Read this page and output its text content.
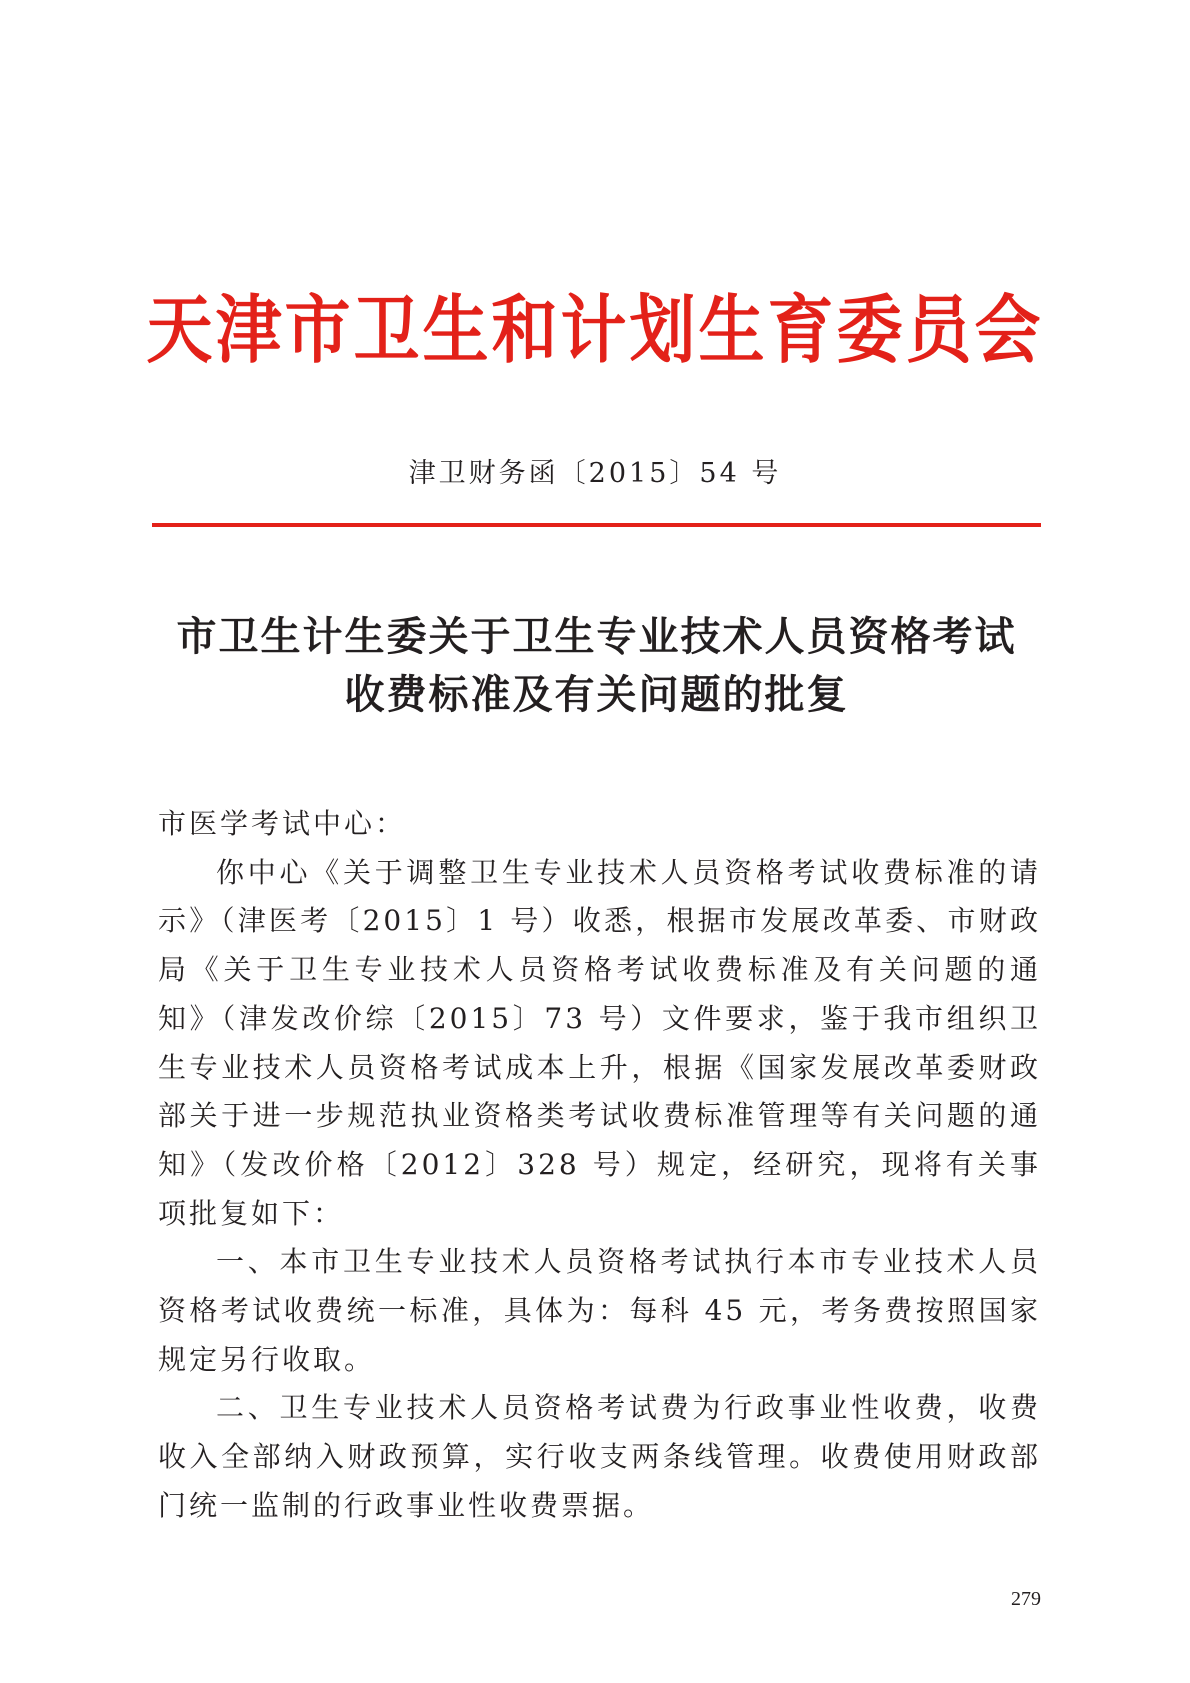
天津市卫生和计划生育委员会
津卫财务函〔2015〕54 号
市卫生计生委关于卫生专业技术人员资格考试
收费标准及有关问题的批复

市医学考试中心：

你中心《关于调整卫生专业技术人员资格考试收费标准的请示》（津医考〔2015〕1 号）收悉，根据市发展改革委、市财政局《关于卫生专业技术人员资格考试收费标准及有关问题的通知》（津发改价综〔2015〕73 号）文件要求，鉴于我市组织卫生专业技术人员资格考试成本上升，根据《国家发展改革委财政部关于进一步规范执业资格类考试收费标准管理等有关问题的通知》（发改价格〔2012〕328 号）规定，经研究，现将有关事项批复如下：

一、本市卫生专业技术人员资格考试执行本市专业技术人员资格考试收费统一标准，具体为：每科 45 元，考务费按照国家规定另行收取。

二、卫生专业技术人员资格考试费为行政事业性收费，收费收入全部纳入财政预算，实行收支两条线管理。收费使用财政部门统一监制的行政事业性收费票据。

279
